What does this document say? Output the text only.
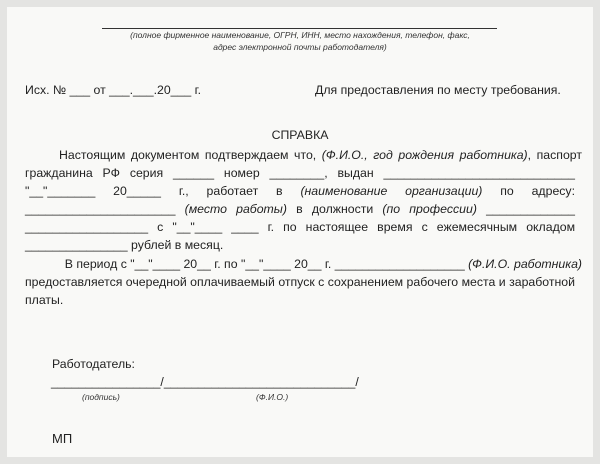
(полное фирменное наименование, ОГРН, ИНН, место нахождения, телефон, факс,
адрес электронной почты работодателя)
Исх. № ___ от ___.___.20___ г.	Для предоставления по месту требования.
СПРАВКА
Настоящим документом подтверждаем что, (Ф.И.О., год рождения работника), паспорт
гражданина РФ серия ______ номер ________, выдан ____________________________
"__"_______ 20_____ г., работает в (наименование организации) по адресу:
______________________ (место работы) в должности (по профессии) _____________
__________________ с "__"____ ____ г. по настоящее время с ежемесячным окладом
_______________ рублей в месяц.
В период с "__"____ 20__ г. по "__"____ 20__ г. ___________________ (Ф.И.О. работника)
предоставляется очередной оплачиваемый отпуск с сохранением рабочего места и заработной
платы.
Работодатель:
________________/____________________________/
(подпись)	(Ф.И.О.)
МП
